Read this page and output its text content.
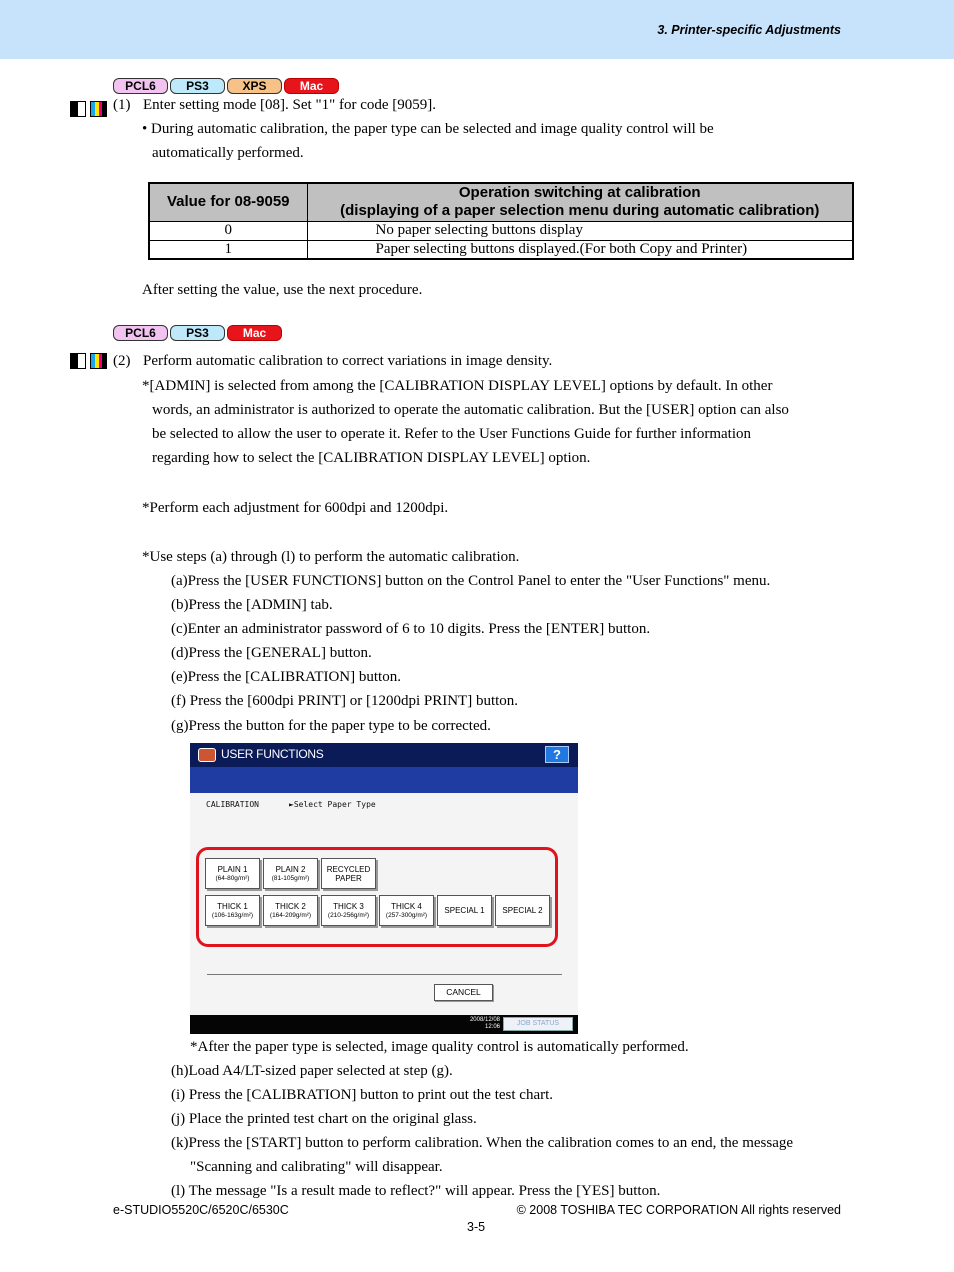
3. Printer-specific Adjustments
PCL6	PS3	XPS	Mac
(1) Enter setting mode [08]. Set "1" for code [9059].
• During automatic calibration, the paper type can be selected and image quality control will be
automatically performed.
Value for 08-9059	Operation switching at calibration
(displaying of a paper selection menu during automatic calibration)

0	No paper selecting buttons display
1	Paper selecting buttons displayed.(For both Copy and Printer)
After setting the value, use the next procedure.
PCL6	PS3	Mac
(2) Perform automatic calibration to correct variations in image density.
*[ADMIN] is selected from among the [CALIBRATION DISPLAY LEVEL] options by default. In other
words, an administrator is authorized to operate the automatic calibration. But the [USER] option can also
be selected to allow the user to operate it. Refer to the User Functions Guide for further information
regarding how to select the [CALIBRATION DISPLAY LEVEL] option.
*Perform each adjustment for 600dpi and 1200dpi.
*Use steps (a) through (l) to perform the automatic calibration.
(a)Press the [USER FUNCTIONS] button on the Control Panel to enter the "User Functions" menu.
(b)Press the [ADMIN] tab.
(c)Enter an administrator password of 6 to 10 digits. Press the [ENTER] button.
(d)Press the [GENERAL] button.
(e)Press the [CALIBRATION] button.
(f) Press the [600dpi PRINT] or [1200dpi PRINT] button.
(g)Press the button for the paper type to be corrected.
USER FUNCTIONS	?
CALIBRATION	►Select Paper Type
PLAIN 1
(64-80g/m²)
PLAIN 2
(81-105g/m²)
RECYCLED
PAPER
THICK 1
(106-163g/m²)
THICK 2
(164-209g/m²)
THICK 3
(210-256g/m²)
THICK 4
(257-300g/m²)	SPECIAL 1	SPECIAL 2
CANCEL
2008/12/08
12:06	JOB STATUS
*After the paper type is selected, image quality control is automatically performed.
(h)Load A4/LT-sized paper selected at step (g).
(i) Press the [CALIBRATION] button to print out the test chart.
(j) Place the printed test chart on the original glass.
(k)Press the [START] button to perform calibration. When the calibration comes to an end, the message
"Scanning and calibrating" will disappear.
(l) The message "Is a result made to reflect?" will appear. Press the [YES] button.
e-STUDIO5520C/6520C/6530C	© 2008 TOSHIBA TEC CORPORATION All rights reserved
3-5
